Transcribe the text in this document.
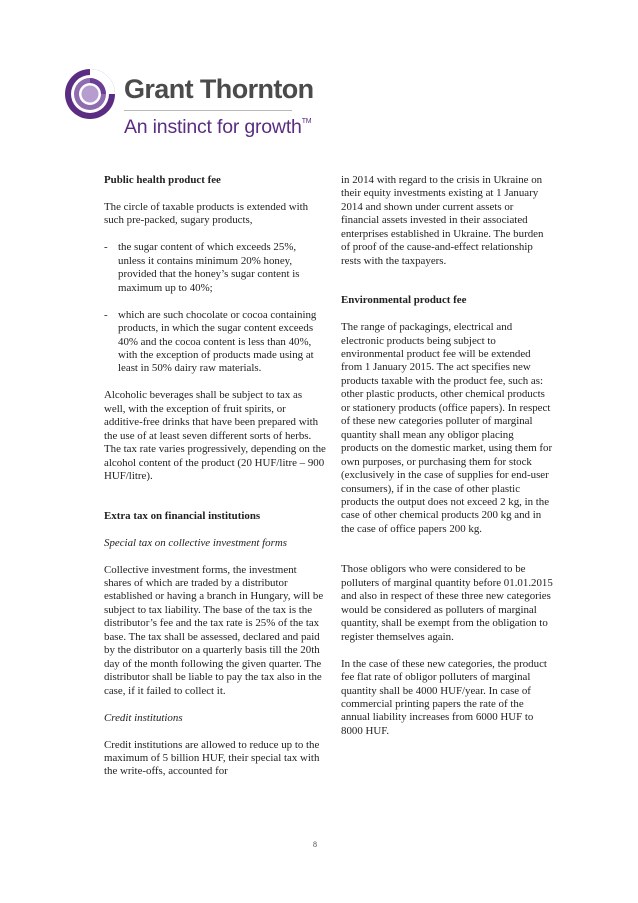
Grant Thornton
An instinct for growth™

Public health product fee

The circle of taxable products is extended with such pre-packed, sugary products,

- the sugar content of which exceeds 25%, unless it contains minimum 20% honey, provided that the honey’s sugar content is maximum up to 40%;
- which are such chocolate or cocoa containing products, in which the sugar content exceeds 40% and the cocoa content is less than 40%, with the exception of products made using at least in 50% dairy raw materials.

Alcoholic beverages shall be subject to tax as well, with the exception of fruit spirits, or additive-free drinks that have been prepared with the use of at least seven different sorts of herbs. The tax rate varies progressively, depending on the alcohol content of the product (20 HUF/litre – 900 HUF/litre).

Extra tax on financial institutions

Special tax on collective investment forms

Collective investment forms, the investment shares of which are traded by a distributor established or having a branch in Hungary, will be subject to tax liability. The base of the tax is the distributor’s fee and the tax rate is 25% of the tax base. The tax shall be assessed, declared and paid by the distributor on a quarterly basis till the 20th day of the month following the given quarter. The distributor shall be liable to pay the tax also in the case, if it failed to collect it.

Credit institutions

Credit institutions are allowed to reduce up to the maximum of 5 billion HUF, their special tax with the write-offs, accounted for

in 2014 with regard to the crisis in Ukraine on their equity investments existing at 1 January 2014 and shown under current assets or financial assets invested in their associated enterprises established in Ukraine. The burden of proof of the cause-and-effect relationship rests with the taxpayers.

Environmental product fee

The range of packagings, electrical and electronic products being subject to environmental product fee will be extended from 1 January 2015. The act specifies new products taxable with the product fee, such as: other plastic products, other chemical products or stationery products (office papers). In respect of these new categories polluter of marginal quantity shall mean any obligor placing products on the domestic market, using them for own purposes, or purchasing them for stock (exclusively in the case of supplies for end-user consumers), if in the case of other plastic products the output does not exceed 2 kg, in the case of other chemical products 200 kg and in the case of office papers 200 kg.

Those obligors who were considered to be polluters of marginal quantity before 01.01.2015 and also in respect of these three new categories would be considered as polluters of marginal quantity, shall be exempt from the obligation to register themselves again.

In the case of these new categories, the product fee flat rate of obligor polluters of marginal quantity shall be 4000 HUF/year. In case of commercial printing papers the rate of the annual liability increases from 6000 HUF to 8000 HUF.

8
